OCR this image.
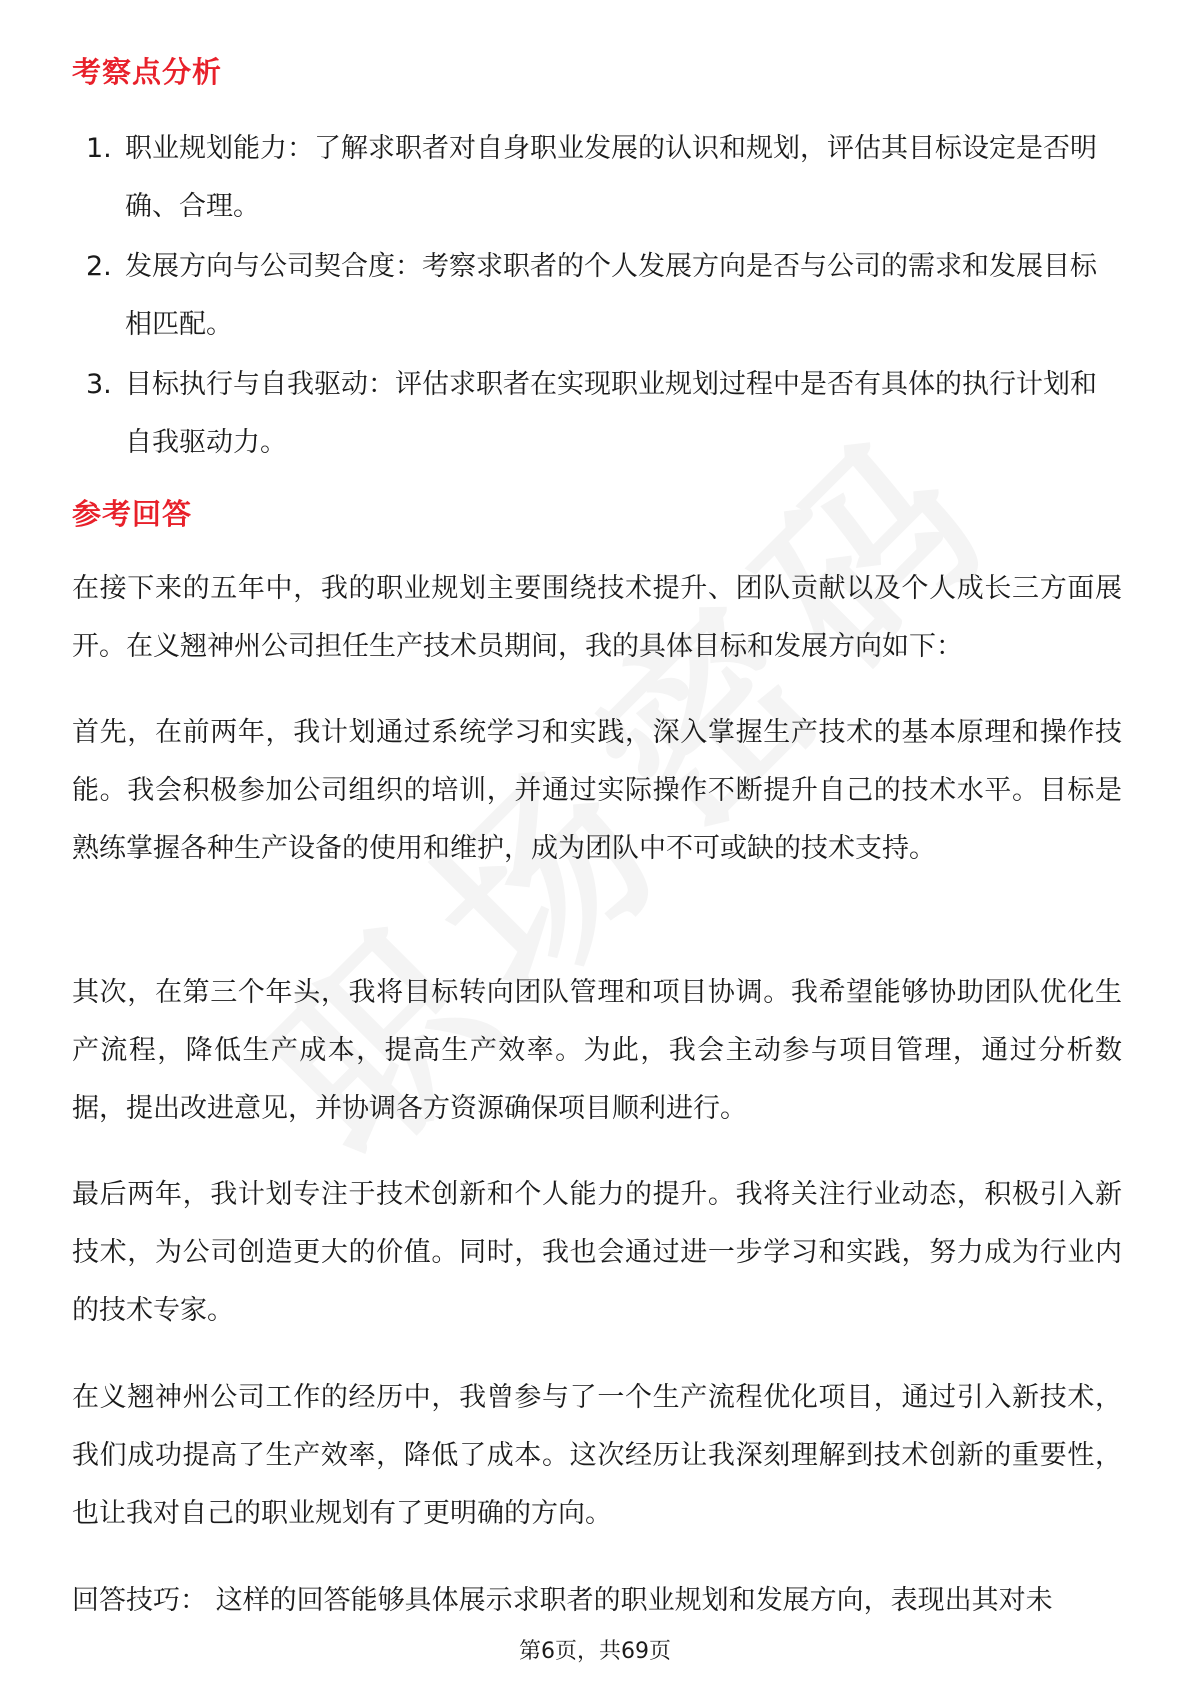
考察点分析
1. 职业规划能力：了解求职者对自身职业发展的认识和规划，评估其目标设定是否明确、合理。
2. 发展方向与公司契合度：考察求职者的个人发展方向是否与公司的需求和发展目标相匹配。
3. 目标执行与自我驱动：评估求职者在实现职业规划过程中是否有具体的执行计划和自我驱动力。
参考回答

在接下来的五年中，我的职业规划主要围绕技术提升、团队贡献以及个人成长三方面展开。在义翘神州公司担任生产技术员期间，我的具体目标和发展方向如下：

首先，在前两年，我计划通过系统学习和实践，深入掌握生产技术的基本原理和操作技能。我会积极参加公司组织的培训，并通过实际操作不断提升自己的技术水平。目标是熟练掌握各种生产设备的使用和维护，成为团队中不可或缺的技术支持。

其次，在第三个年头，我将目标转向团队管理和项目协调。我希望能够协助团队优化生产流程，降低生产成本，提高生产效率。为此，我会主动参与项目管理，通过分析数据，提出改进意见，并协调各方资源确保项目顺利进行。

最后两年，我计划专注于技术创新和个人能力的提升。我将关注行业动态，积极引入新技术，为公司创造更大的价值。同时，我也会通过进一步学习和实践，努力成为行业内的技术专家。

在义翘神州公司工作的经历中，我曾参与了一个生产流程优化项目，通过引入新技术，我们成功提高了生产效率，降低了成本。这次经历让我深刻理解到技术创新的重要性，也让我对自己的职业规划有了更明确的方向。

回答技巧： 这样的回答能够具体展示求职者的职业规划和发展方向，表现出其对未

第6页，共69页
